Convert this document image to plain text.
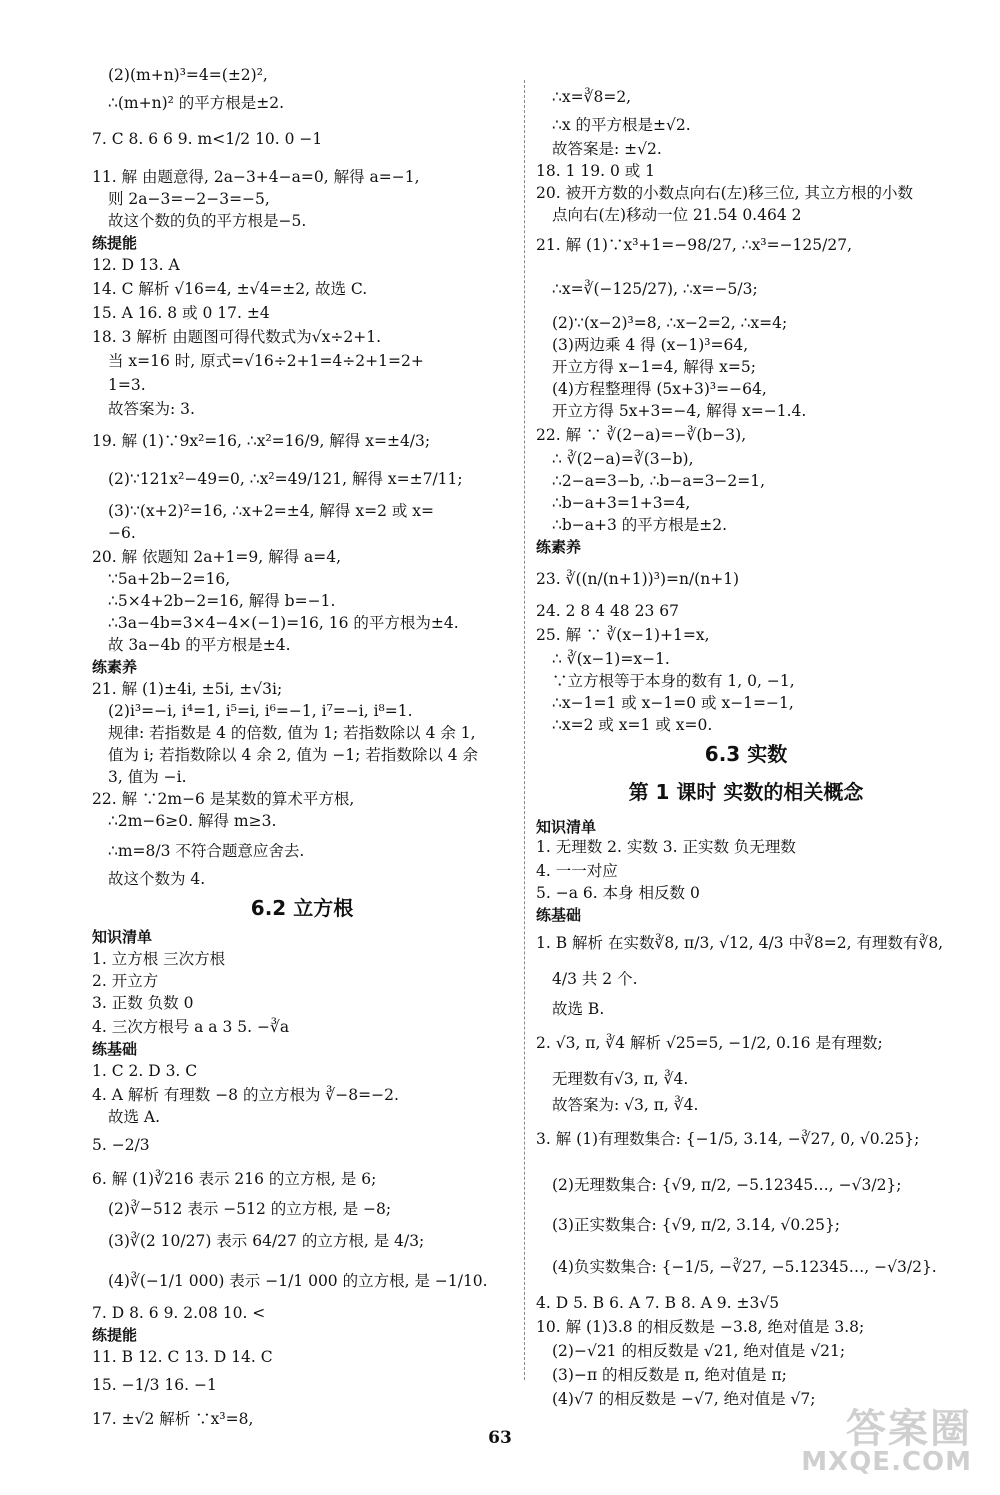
(2)(m+n)³=4=(±2)²,
∴(m+n)² 的平方根是±2.
7. C 8. 6 6 9. m<1/2 10. 0 −1
11. 解 由题意得, 2a−3+4−a=0, 解得 a=−1,
则 2a−3=−2−3=−5,
故这个数的负的平方根是−5.
练提能
12. D 13. A
14. C 解析 √16=4, ±√4=±2, 故选 C.
15. A 16. 8 或 0 17. ±4
18. 3 解析 由题图可得代数式为√x÷2+1.
当 x=16 时, 原式=√16÷2+1=4÷2+1=2+
1=3.
故答案为: 3.
19. 解 (1)∵9x²=16, ∴x²=16/9, 解得 x=±4/3;
(2)∵121x²−49=0, ∴x²=49/121, 解得 x=±7/11;
(3)∵(x+2)²=16, ∴x+2=±4, 解得 x=2 或 x=
−6.
20. 解 依题知 2a+1=9, 解得 a=4,
∵5a+2b−2=16,
∴5×4+2b−2=16, 解得 b=−1.
∴3a−4b=3×4−4×(−1)=16, 16 的平方根为±4.
故 3a−4b 的平方根是±4.
练素养
21. 解 (1)±4i, ±5i, ±√3i;
(2)i³=−i, i⁴=1, i⁵=i, i⁶=−1, i⁷=−i, i⁸=1.
规律: 若指数是 4 的倍数, 值为 1; 若指数除以 4 余 1,
值为 i; 若指数除以 4 余 2, 值为 −1; 若指数除以 4 余
3, 值为 −i.
22. 解 ∵2m−6 是某数的算术平方根,
∴2m−6≥0. 解得 m≥3.
∴m=8/3 不符合题意应舍去.
故这个数为 4.
6.2 立方根
知识清单
1. 立方根 三次方根
2. 开立方
3. 正数 负数 0
4. 三次方根号 a a 3 5. −∛a
练基础
1. C 2. D 3. C
4. A 解析 有理数 −8 的立方根为 ∛−8=−2.
故选 A.
5. −2/3
6. 解 (1)∛216 表示 216 的立方根, 是 6;
(2)∛−512 表示 −512 的立方根, 是 −8;
(3)∛(2 10/27) 表示 64/27 的立方根, 是 4/3;
(4)∛(−1/1 000) 表示 −1/1 000 的立方根, 是 −1/10.
7. D 8. 6 9. 2.08 10. <
练提能
11. B 12. C 13. D 14. C
15. −1/3 16. −1
17. ±√2 解析 ∵x³=8,
∴x=∛8=2,
∴x 的平方根是±√2.
故答案是: ±√2.
18. 1 19. 0 或 1
20. 被开方数的小数点向右(左)移三位, 其立方根的小数
点向右(左)移动一位 21.54 0.464 2
21. 解 (1)∵x³+1=−98/27, ∴x³=−125/27,
∴x=∛(−125/27), ∴x=−5/3;
(2)∵(x−2)³=8, ∴x−2=2, ∴x=4;
(3)两边乘 4 得 (x−1)³=64,
开立方得 x−1=4, 解得 x=5;
(4)方程整理得 (5x+3)³=−64,
开立方得 5x+3=−4, 解得 x=−1.4.
22. 解 ∵ ∛(2−a)=−∛(b−3),
∴ ∛(2−a)=∛(3−b),
∴2−a=3−b, ∴b−a=3−2=1,
∴b−a+3=1+3=4,
∴b−a+3 的平方根是±2.
练素养
23. ∛((n/(n+1))³)=n/(n+1)
24. 2 8 4 48 23 67
25. 解 ∵ ∛(x−1)+1=x,
∴ ∛(x−1)=x−1.
∵立方根等于本身的数有 1, 0, −1,
∴x−1=1 或 x−1=0 或 x−1=−1,
∴x=2 或 x=1 或 x=0.
6.3 实数
第 1 课时 实数的相关概念
知识清单
1. 无理数 2. 实数 3. 正实数 负无理数
4. 一一对应
5. −a 6. 本身 相反数 0
练基础
1. B 解析 在实数∛8, π/3, √12, 4/3 中∛8=2, 有理数有∛8,
4/3 共 2 个.
故选 B.
2. √3, π, ∛4 解析 √25=5, −1/2, 0.16 是有理数;
无理数有√3, π, ∛4.
故答案为: √3, π, ∛4.
3. 解 (1)有理数集合: {−1/5, 3.14, −∛27, 0, √0.25};
(2)无理数集合: {√9, π/2, −5.12345…, −√3/2};
(3)正实数集合: {√9, π/2, 3.14, √0.25};
(4)负实数集合: {−1/5, −∛27, −5.12345…, −√3/2}.
4. D 5. B 6. A 7. B 8. A 9. ±3√5
10. 解 (1)3.8 的相反数是 −3.8, 绝对值是 3.8;
(2)−√21 的相反数是 √21, 绝对值是 √21;
(3)−π 的相反数是 π, 绝对值是 π;
(4)√7 的相反数是 −√7, 绝对值是 √7;
63	答案圈
MXQE.COM
